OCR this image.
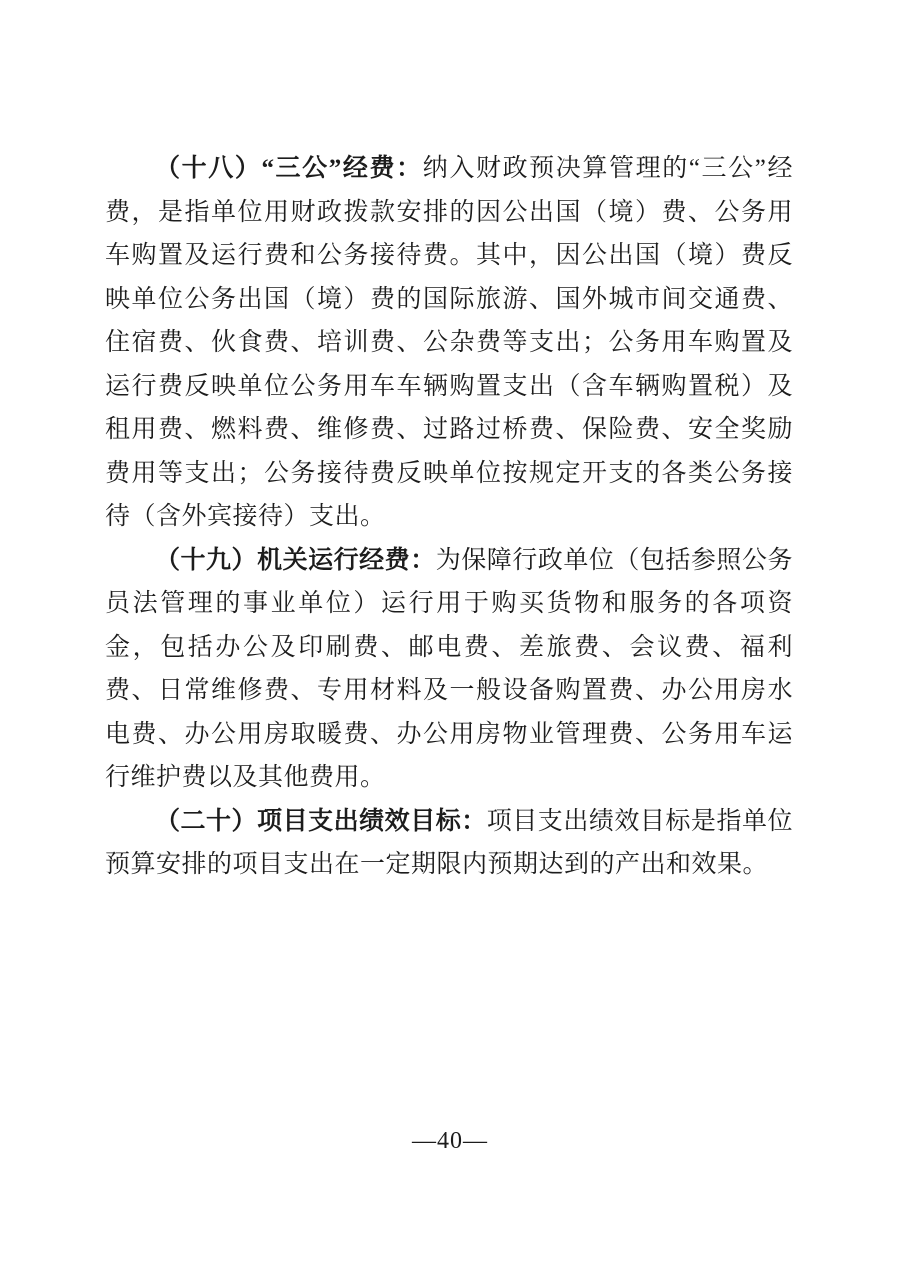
（十八）“三公”经费：纳入财政预决算管理的“三公”经费，是指单位用财政拨款安排的因公出国（境）费、公务用车购置及运行费和公务接待费。其中，因公出国（境）费反映单位公务出国（境）费的国际旅游、国外城市间交通费、住宿费、伙食费、培训费、公杂费等支出；公务用车购置及运行费反映单位公务用车车辆购置支出（含车辆购置税）及租用费、燃料费、维修费、过路过桥费、保险费、安全奖励费用等支出；公务接待费反映单位按规定开支的各类公务接待（含外宾接待）支出。

（十九）机关运行经费：为保障行政单位（包括参照公务员法管理的事业单位）运行用于购买货物和服务的各项资金，包括办公及印刷费、邮电费、差旅费、会议费、福利费、日常维修费、专用材料及一般设备购置费、办公用房水电费、办公用房取暖费、办公用房物业管理费、公务用车运行维护费以及其他费用。

（二十）项目支出绩效目标：项目支出绩效目标是指单位预算安排的项目支出在一定期限内预期达到的产出和效果。

—40—
